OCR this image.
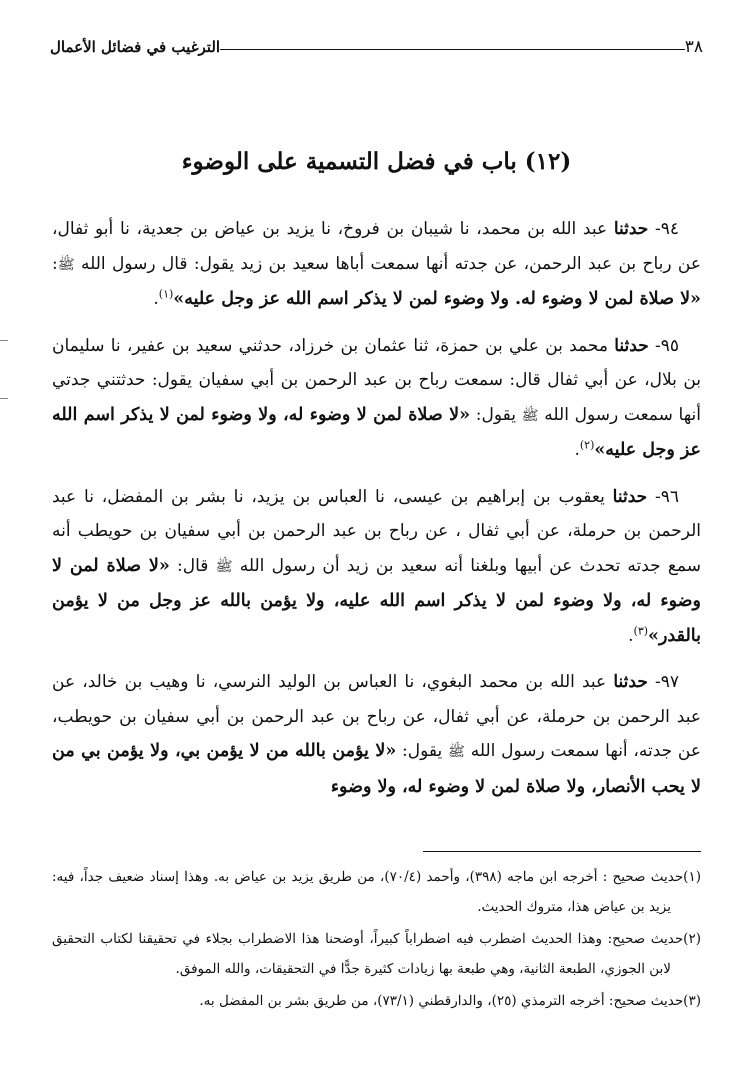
٣٨
الترغيب في فضائل الأعمال
(١٢) باب في فضل التسمية على الوضوء

٩٤- حدثنا عبد الله بن محمد، نا شيبان بن فروخ، نا يزيد بن عياض بن جعدية، نا أبو ثفال، عن رباح بن عبد الرحمن، عن جدته أنها سمعت أباها سعيد بن زيد يقول: قال رسول الله ﷺ: «لا صلاة لمن لا وضوء له. ولا وضوء لمن لا يذكر اسم الله عز وجل عليه»$^{(١)}$.

٩٥- حدثنا محمد بن علي بن حمزة، ثنا عثمان بن خرزاد، حدثني سعيد بن عفير، نا سليمان بن بلال، عن أبي ثفال قال: سمعت رباح بن عبد الرحمن بن أبي سفيان يقول: حدثتني جدتي أنها سمعت رسول الله ﷺ يقول: «لا صلاة لمن لا وضوء له، ولا وضوء لمن لا يذكر اسم الله عز وجل عليه»$^{(٢)}$.

٩٦- حدثنا يعقوب بن إبراهيم بن عيسى، نا العباس بن يزيد، نا بشر بن المفضل، نا عبد الرحمن بن حرملة، عن أبي ثفال ، عن رباح بن عبد الرحمن بن أبي سفيان بن حويطب أنه سمع جدته تحدث عن أبيها وبلغنا أنه سعيد بن زيد أن رسول الله ﷺ قال: «لا صلاة لمن لا وضوء له، ولا وضوء لمن لا يذكر اسم الله عليه، ولا يؤمن بالله عز وجل من لا يؤمن بالقدر»$^{(٣)}$.

٩٧- حدثنا عبد الله بن محمد البغوي، نا العباس بن الوليد النرسي، نا وهيب بن خالد، عن عبد الرحمن بن حرملة، عن أبي ثفال، عن رباح بن عبد الرحمن بن أبي سفيان بن حويطب، عن جدته، أنها سمعت رسول الله ﷺ يقول: «لا يؤمن بالله من لا يؤمن بي، ولا يؤمن بي من لا يحب الأنصار، ولا صلاة لمن لا وضوء له، ولا وضوء

(١)حديث صحيح : أخرجه ابن ماجه (٣٩٨)، وأحمد (٧٠/٤)، من طريق يزيد بن عياض به. وهذا إسناد ضعيف جداً، فيه: يزيد بن عياض هذا، متروك الحديث.

(٢)حديث صحيح: وهذا الحديث اضطرب فيه اضطراباً كبيراً، أوضحنا هذا الاضطراب بجلاء في تحقيقنا لكتاب التحقيق لابن الجوزي، الطبعة الثانية، وهي طبعة بها زيادات كثيرة جدًّا في التحقيقات، والله الموفق.

(٣)حديث صحيح: أخرجه الترمذي (٢٥)، والدارقطني (٧٣/١)، من طريق بشر بن المفضل به.
